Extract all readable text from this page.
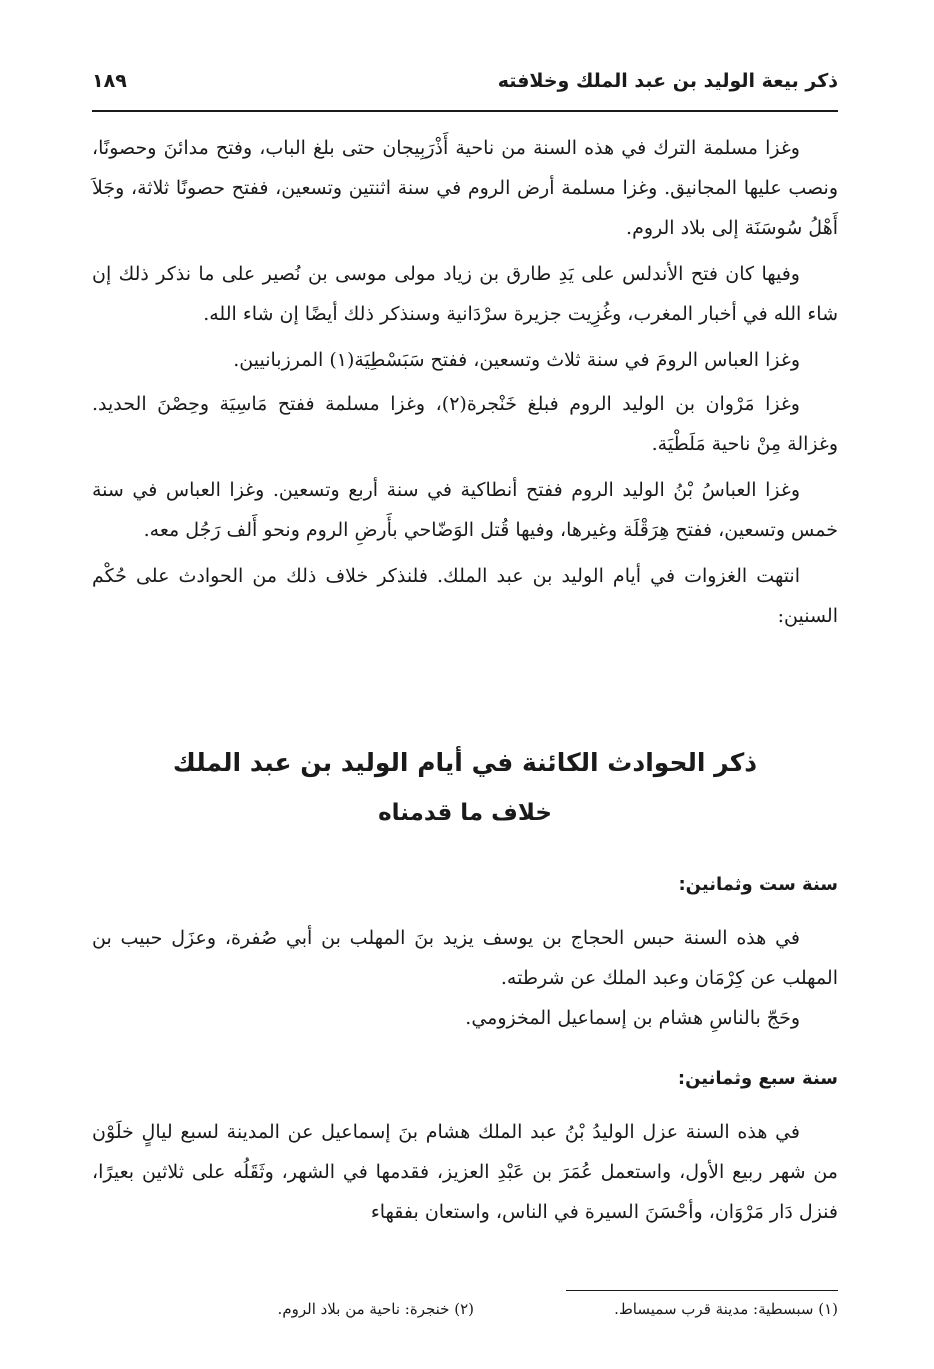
ذكر بيعة الوليد بن عبد الملك وخلافته
١٨٩

وغزا مسلمة الترك في هذه السنة من ناحية أَذْرَبِيجان حتى بلغ الباب، وفتح مدائنَ وحصونًا، ونصب عليها المجانيق. وغزا مسلمة أرض الروم في سنة اثنتين وتسعين، ففتح حصونًا ثلاثة، وجَلاَ أَهْلُ سُوسَنَة إلى بلاد الروم.

وفيها كان فتح الأندلس على يَدِ طارق بن زياد مولى موسى بن نُصير على ما نذكر ذلك إن شاء الله في أخبار المغرب، وغُزِيت جزيرة سرْدَانية وسنذكر ذلك أيضًا إن شاء الله.

وغزا العباس الرومَ في سنة ثلاث وتسعين، ففتح سَبَسْطِيَة(١) المرزبانيين.

وغزا مَرْوان بن الوليد الروم فبلغ خَنْجرة(٢)، وغزا مسلمة ففتح مَاسِيَة وحِصْنَ الحديد. وغزالة مِنْ ناحية مَلَطْيَة.

وغزا العباسُ بْنُ الوليد الروم ففتح أنطاكية في سنة أربع وتسعين. وغزا العباس في سنة خمس وتسعين، ففتح هِرَقْلَة وغيرها، وفيها قُتل الوَضّاحي بأَرضِ الروم ونحو أَلف رَجُل معه.

انتهت الغزوات في أيام الوليد بن عبد الملك. فلنذكر خلاف ذلك من الحوادث على حُكْم السنين:

ذكر الحوادث الكائنة في أيام الوليد بن عبد الملك
خلاف ما قدمناه
سنة ست وثمانين:

في هذه السنة حبس الحجاج بن يوسف يزيد بنَ المهلب بن أبي صُفرة، وعزَل حبيب بن المهلب عن كِرْمَان وعبد الملك عن شرطته.

وحَجّ بالناسِ هشام بن إسماعيل المخزومي.

سنة سبع وثمانين:

في هذه السنة عزل الوليدُ بْنُ عبد الملك هشام بنَ إسماعيل عن المدينة لسبع ليالٍ خلَوْن من شهر ربيع الأول، واستعمل عُمَرَ بن عَبْدِ العزيز، فقدمها في الشهر، وثَقَلُه على ثلاثين بعيرًا، فنزل دَار مَرْوَان، وأحْسَنَ السيرة في الناس، واستعان بفقهاء

(١) سبسطية: مدينة قرب سميساط.
(٢) خنجرة: ناحية من بلاد الروم.
